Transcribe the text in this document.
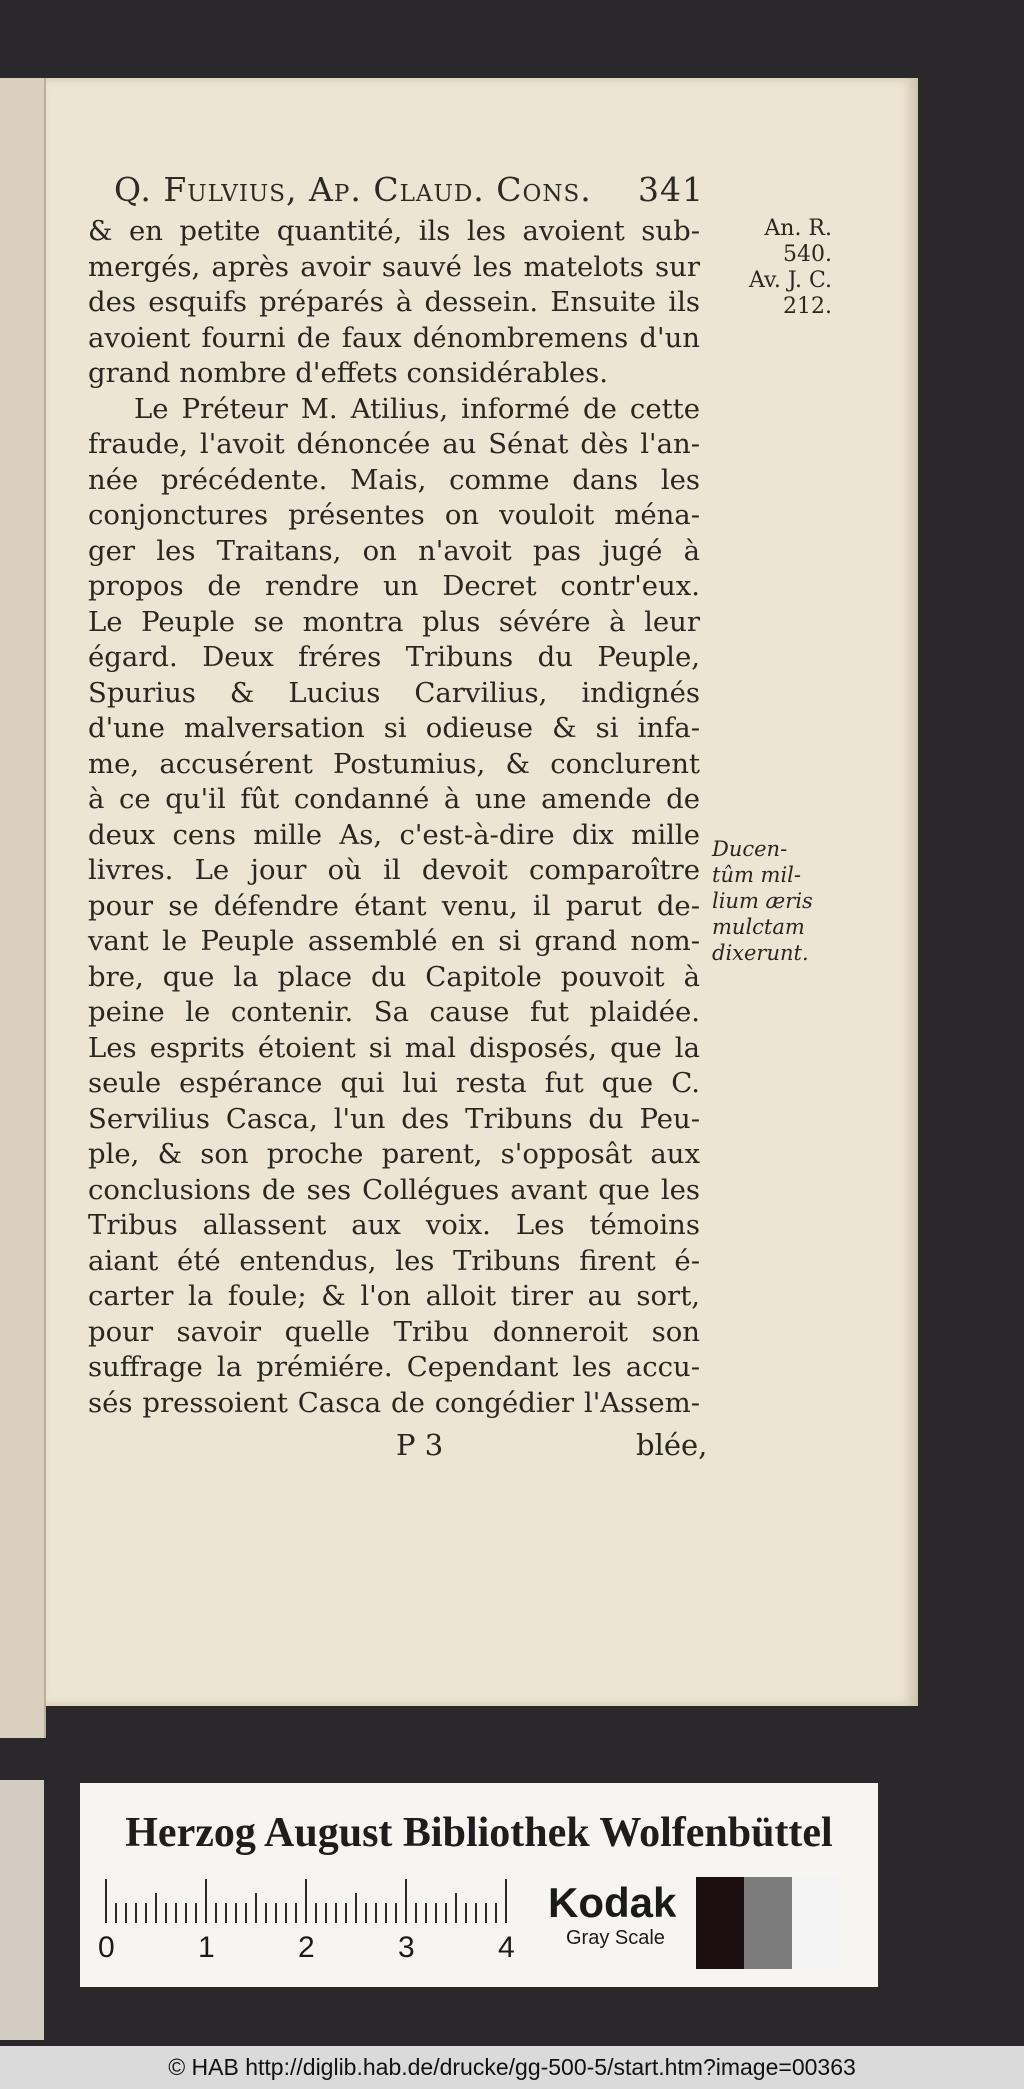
Q. Fulvius, Ap. Claud. Cons. 341
& en petite quantité, ils les avoient sub-
mergés, après avoir sauvé les matelots sur
des esquifs préparés à dessein. Ensuite ils
avoient fourni de faux dénombremens d'un
grand nombre d'effets considérables.
Le Préteur M. Atilius, informé de cette
fraude, l'avoit dénoncée au Sénat dès l'an-
née précédente. Mais, comme dans les
conjonctures présentes on vouloit ména-
ger les Traitans, on n'avoit pas jugé à
propos de rendre un Decret contr'eux.
Le Peuple se montra plus sévére à leur
égard. Deux fréres Tribuns du Peuple,
Spurius & Lucius Carvilius, indignés
d'une malversation si odieuse & si infa-
me, accusérent Postumius, & conclurent
à ce qu'il fût condanné à une amende de
deux cens mille As, c'est-à-dire dix mille
livres. Le jour où il devoit comparoître
pour se défendre étant venu, il parut de-
vant le Peuple assemblé en si grand nom-
bre, que la place du Capitole pouvoit à
peine le contenir. Sa cause fut plaidée.
Les esprits étoient si mal disposés, que la
seule espérance qui lui resta fut que C.
Servilius Casca, l'un des Tribuns du Peu-
ple, & son proche parent, s'opposât aux
conclusions de ses Collégues avant que les
Tribus allassent aux voix. Les témoins
aiant été entendus, les Tribuns firent é-
carter la foule; & l'on alloit tirer au sort,
pour savoir quelle Tribu donneroit son
suffrage la prémiére. Cependant les accu-
sés pressoient Casca de congédier l'Assem-
An. R.
540.
Av. J. C.
212.
Ducen-
tûm mil-
lium æris
mulctam
dixerunt.
P 3	blée,
Herzog August Bibliothek Wolfenbüttel
0	1	2	3	4
Kodak
Gray Scale
© HAB http://diglib.hab.de/drucke/gg-500-5/start.htm?image=00363
